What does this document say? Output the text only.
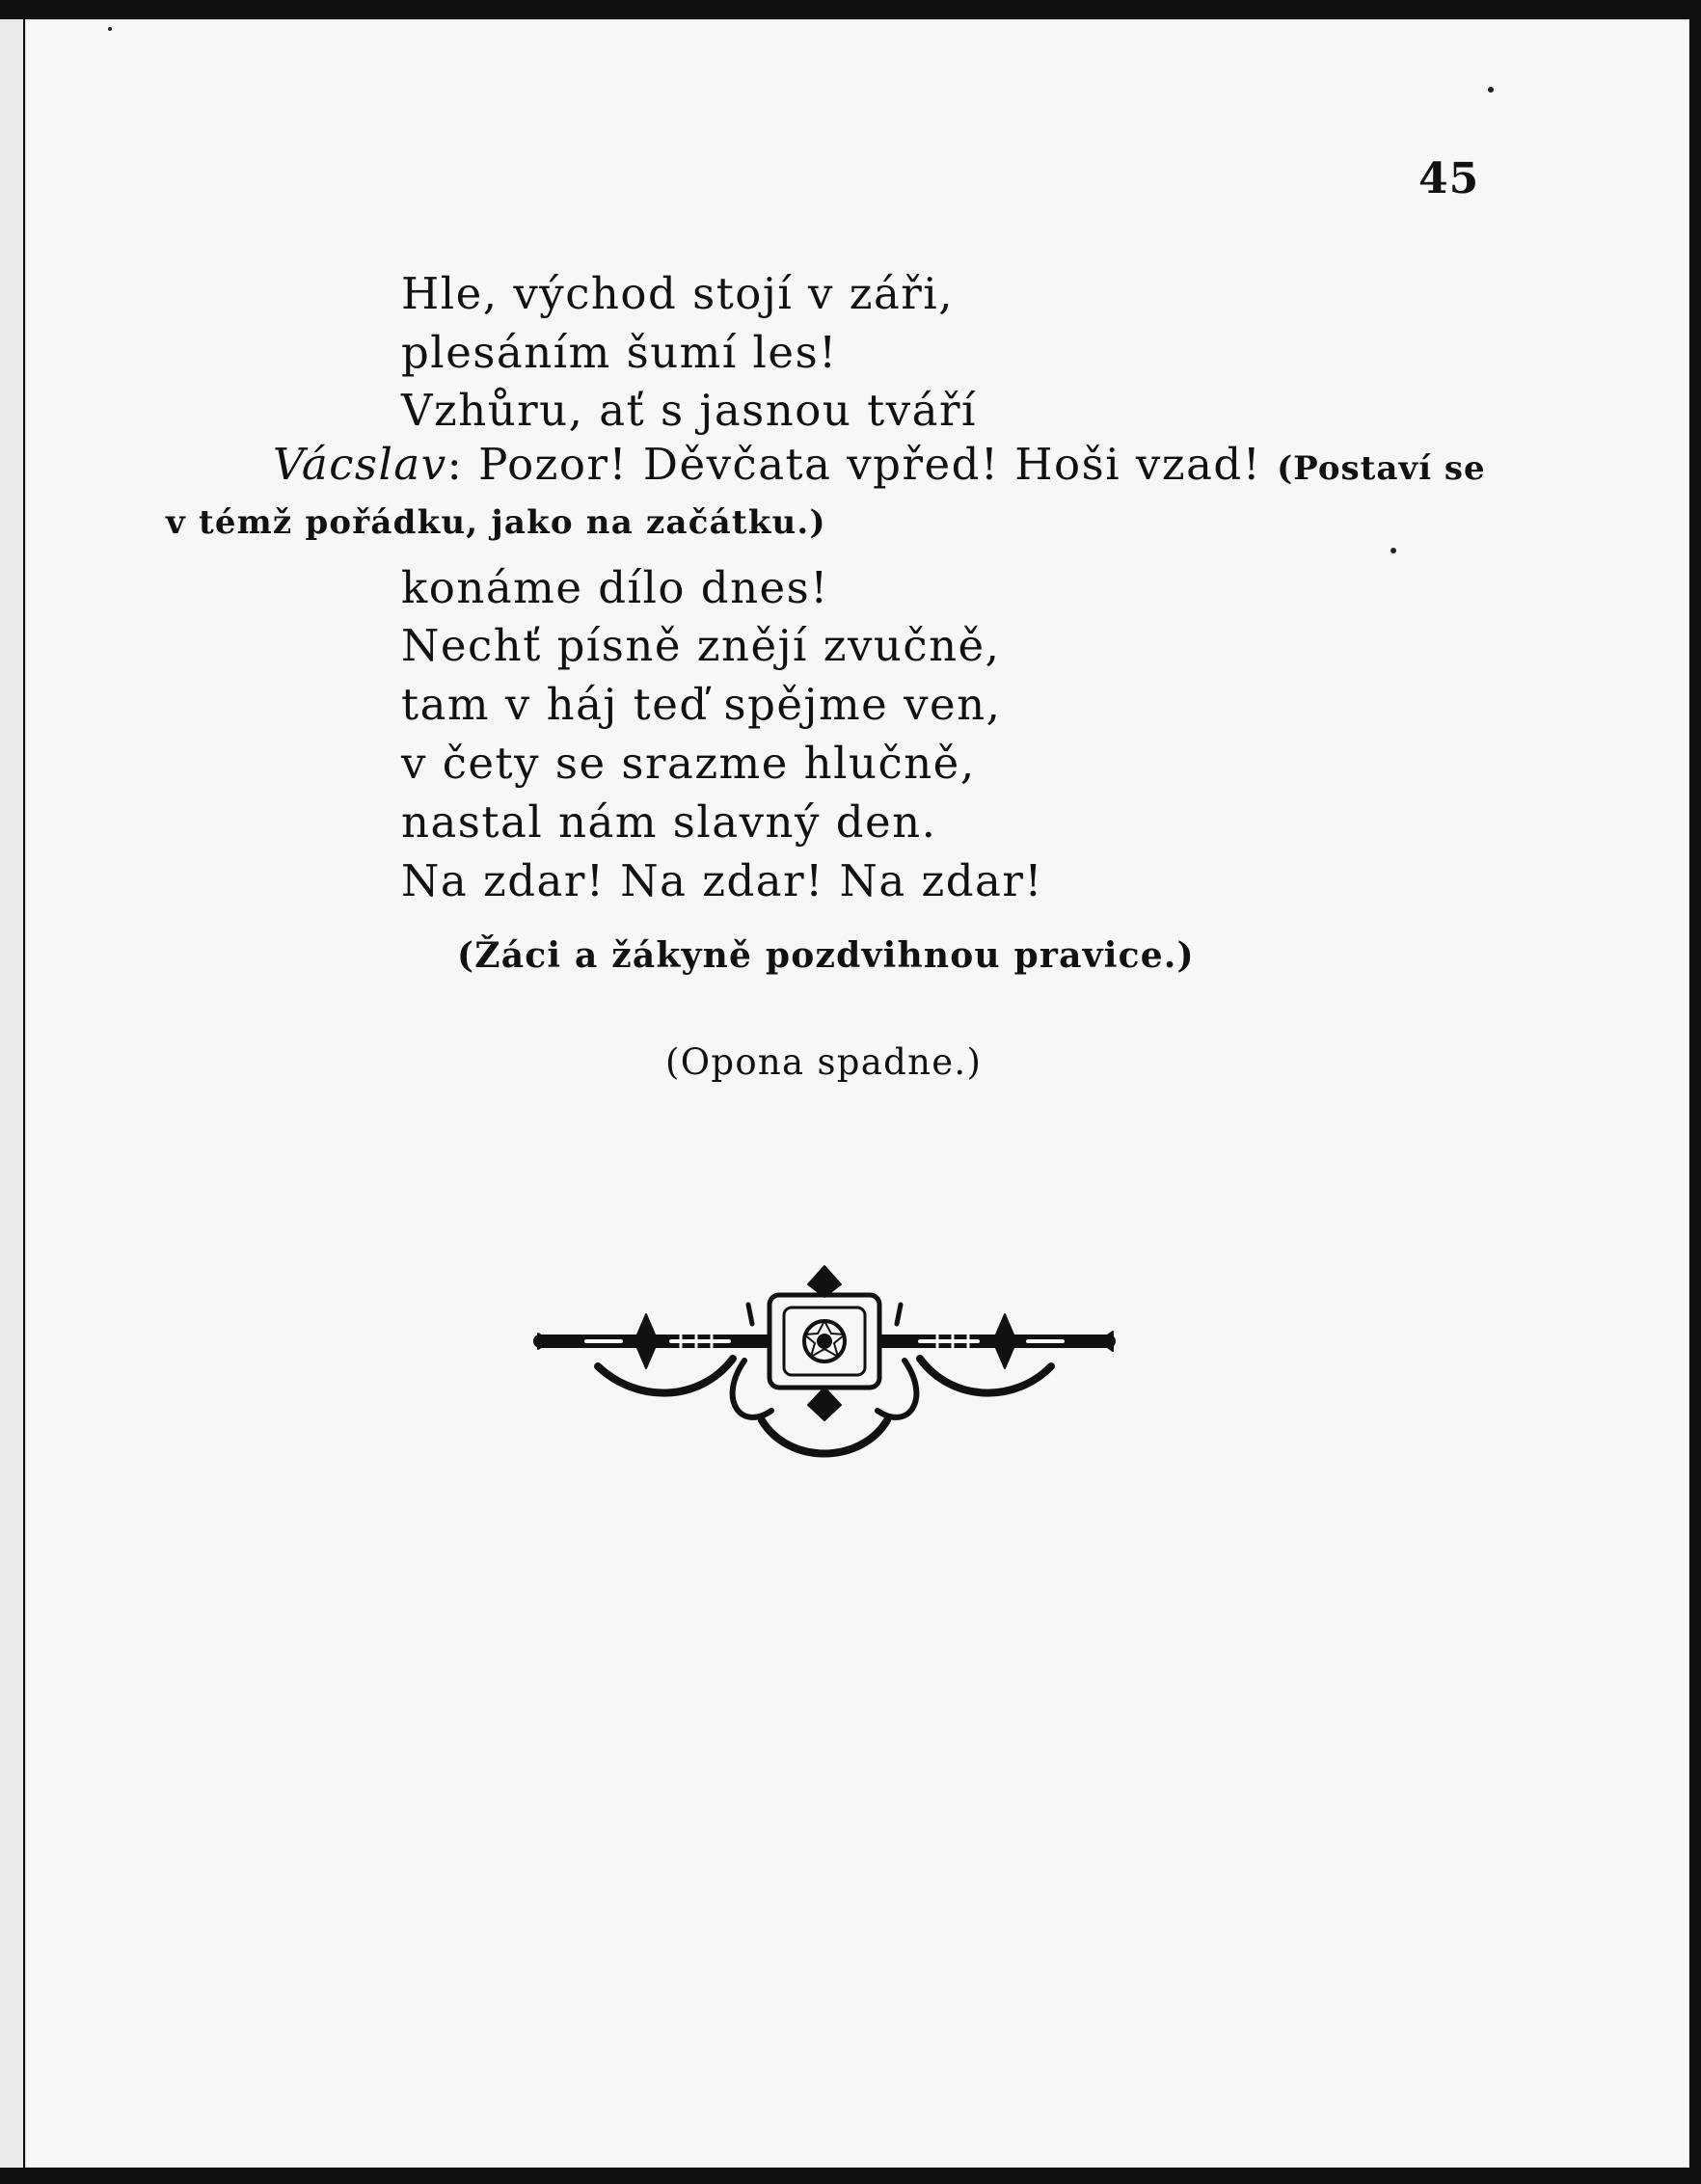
45
Hle, východ stojí v záři,
plesáním šumí les!
Vzhůru, ať s jasnou tváří
Vácslav: Pozor! Děvčata vpřed! Hoši vzad! (Postaví se
v témž pořádku, jako na začátku.)
konáme dílo dnes!
Nechť písně znějí zvučně,
tam v háj teď spějme ven,
v čety se srazme hlučně,
nastal nám slavný den.
Na zdar! Na zdar! Na zdar!
(Žáci a žákyně pozdvihnou pravice.)
(Opona spadne.)
